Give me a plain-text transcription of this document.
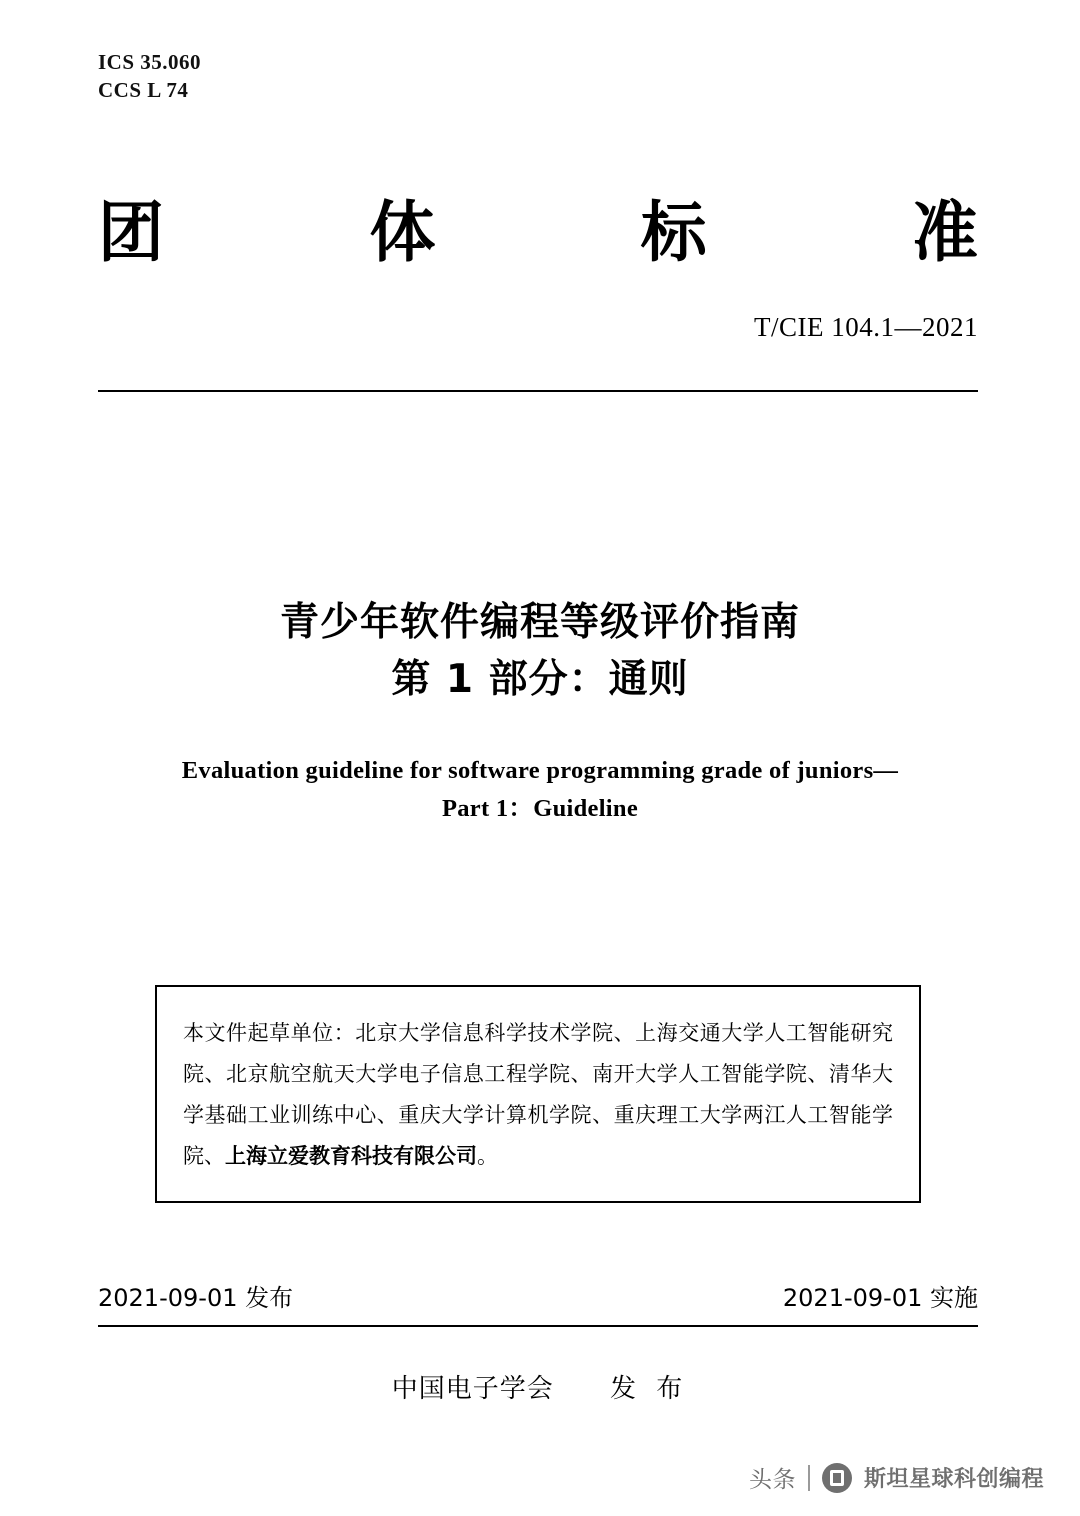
ICS 35.060
CCS L 74
团	体	标	准
T/CIE 104.1—2021
青少年软件编程等级评价指南
第 1 部分：通则
Evaluation guideline for software programming grade of juniors—
Part 1：Guideline

本文件起草单位：北京大学信息科学技术学院、上海交通大学人工智能研究院、北京航空航天大学电子信息工程学院、南开大学人工智能学院、清华大学基础工业训练中心、重庆大学计算机学院、重庆理工大学两江人工智能学院、上海立爱教育科技有限公司。

2021-09-01 发布	2021-09-01 实施
中国电子学会 发 布
头条	斯坦星球科创编程
